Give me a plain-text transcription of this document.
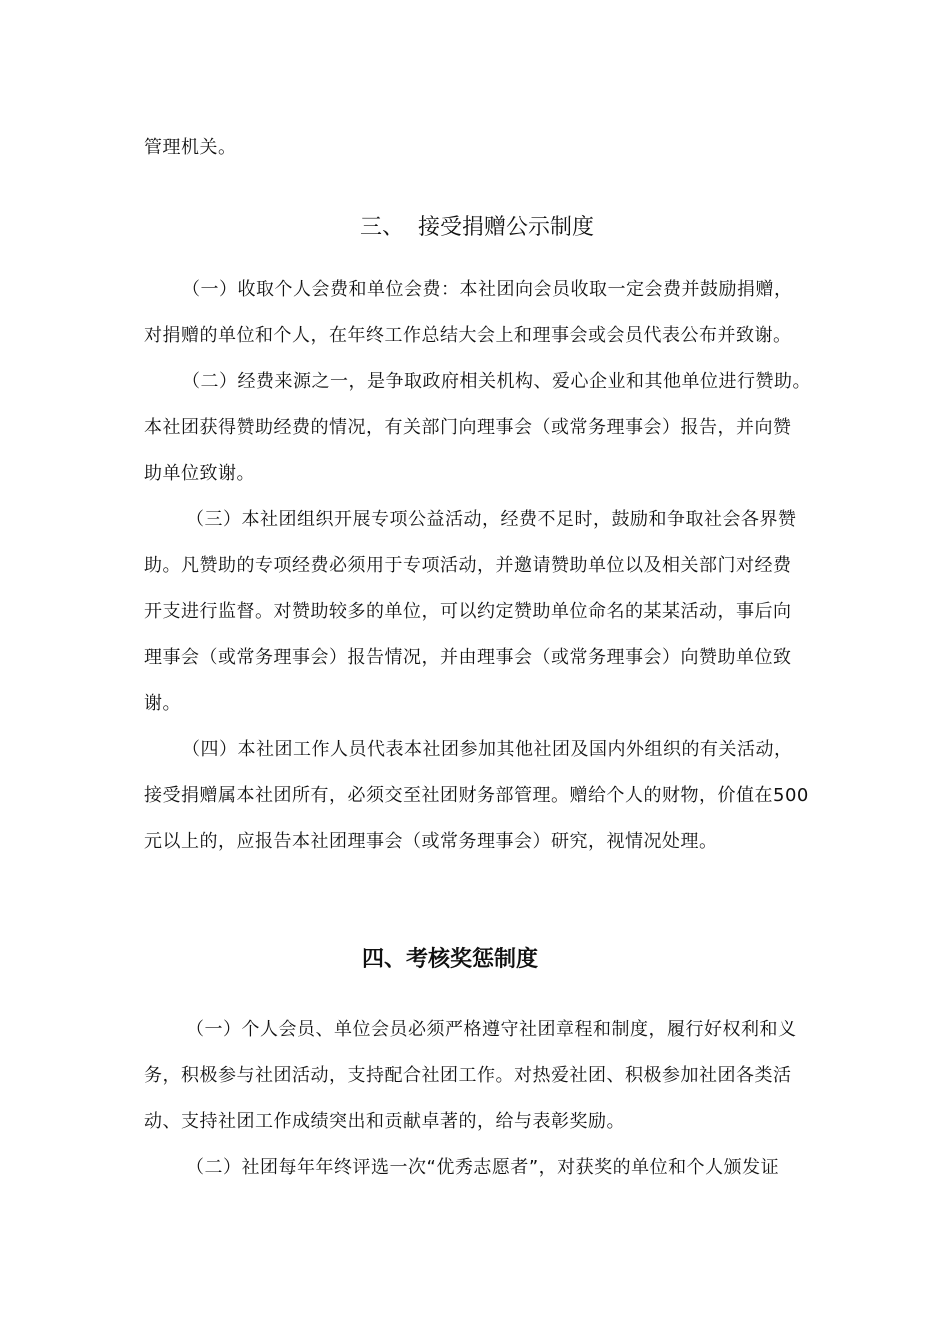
管理机关。
三、 接受捐赠公示制度
（一）收取个人会费和单位会费：本社团向会员收取一定会费并鼓励捐赠，
对捐赠的单位和个人，在年终工作总结大会上和理事会或会员代表公布并致谢。
（二）经费来源之一，是争取政府相关机构、爱心企业和其他单位进行赞助。
本社团获得赞助经费的情况，有关部门向理事会（或常务理事会）报告，并向赞
助单位致谢。
（三）本社团组织开展专项公益活动，经费不足时，鼓励和争取社会各界赞
助。凡赞助的专项经费必须用于专项活动，并邀请赞助单位以及相关部门对经费
开支进行监督。对赞助较多的单位，可以约定赞助单位命名的某某活动，事后向
理事会（或常务理事会）报告情况，并由理事会（或常务理事会）向赞助单位致
谢。
（四）本社团工作人员代表本社团参加其他社团及国内外组织的有关活动，
接受捐赠属本社团所有，必须交至社团财务部管理。赠给个人的财物，价值在500
元以上的，应报告本社团理事会（或常务理事会）研究，视情况处理。
四、考核奖惩制度
（一）个人会员、单位会员必须严格遵守社团章程和制度，履行好权利和义
务，积极参与社团活动，支持配合社团工作。对热爱社团、积极参加社团各类活
动、支持社团工作成绩突出和贡献卓著的，给与表彰奖励。
（二）社团每年年终评选一次“优秀志愿者”，对获奖的单位和个人颁发证
